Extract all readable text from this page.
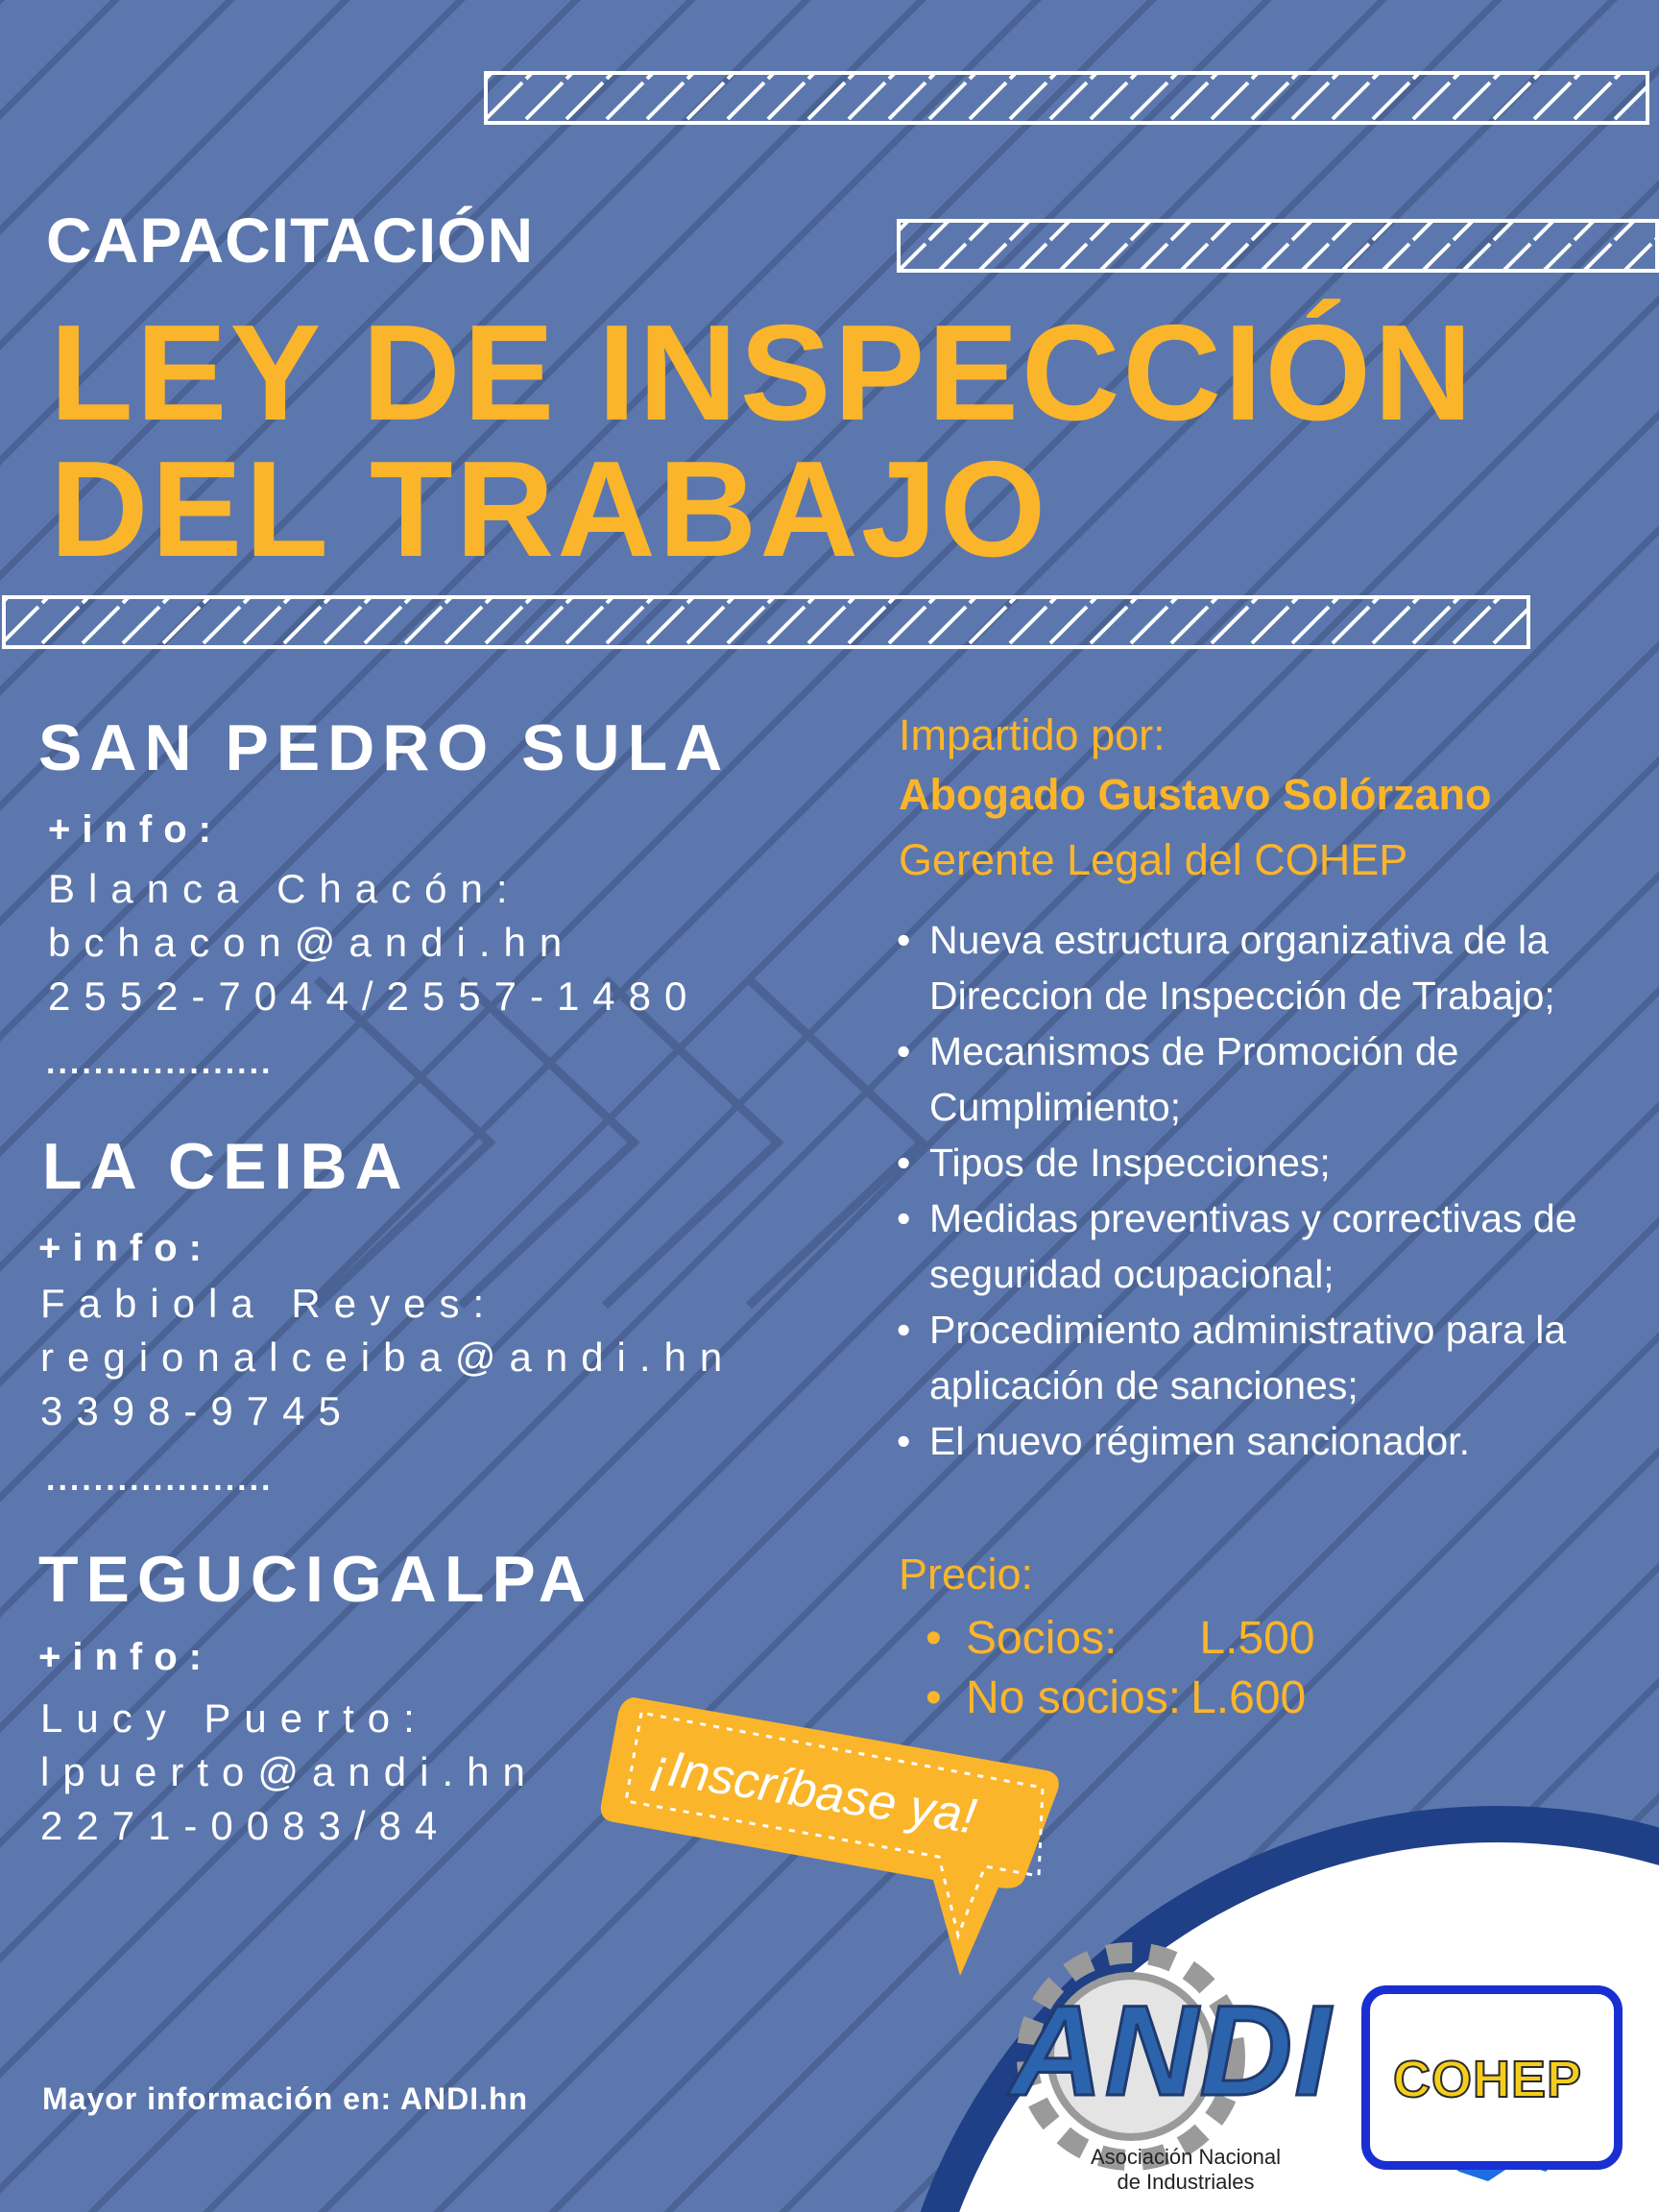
CAPACITACIÓN
LEY DE INSPECCIÓN
DEL TRABAJO
SAN PEDRO SULA
+info:
Blanca Chacón:
bchacon@andi.hn
2552-7044/2557-1480
...................
LA CEIBA
+info:
Fabiola Reyes:
regionalceiba@andi.hn
3398-9745
...................
TEGUCIGALPA
+info:
Lucy Puerto:
lpuerto@andi.hn
2271-0083/84
Impartido por:
Abogado Gustavo Solórzano
Gerente Legal del COHEP
• Nueva estructura organizativa de la Direccion de Inspección de Trabajo;
• Mecanismos de Promoción de Cumplimiento;
• Tipos de Inspecciones;
• Medidas preventivas y correctivas de seguridad ocupacional;
• Procedimiento administrativo para la aplicación de sanciones;
• El nuevo régimen sancionador.
Precio:
• Socios: L.500
• No socios: L.600
¡Inscríbase ya!
Mayor información en: ANDI.hn	ANDI
Asociación Nacional
de Industriales
COHEP
